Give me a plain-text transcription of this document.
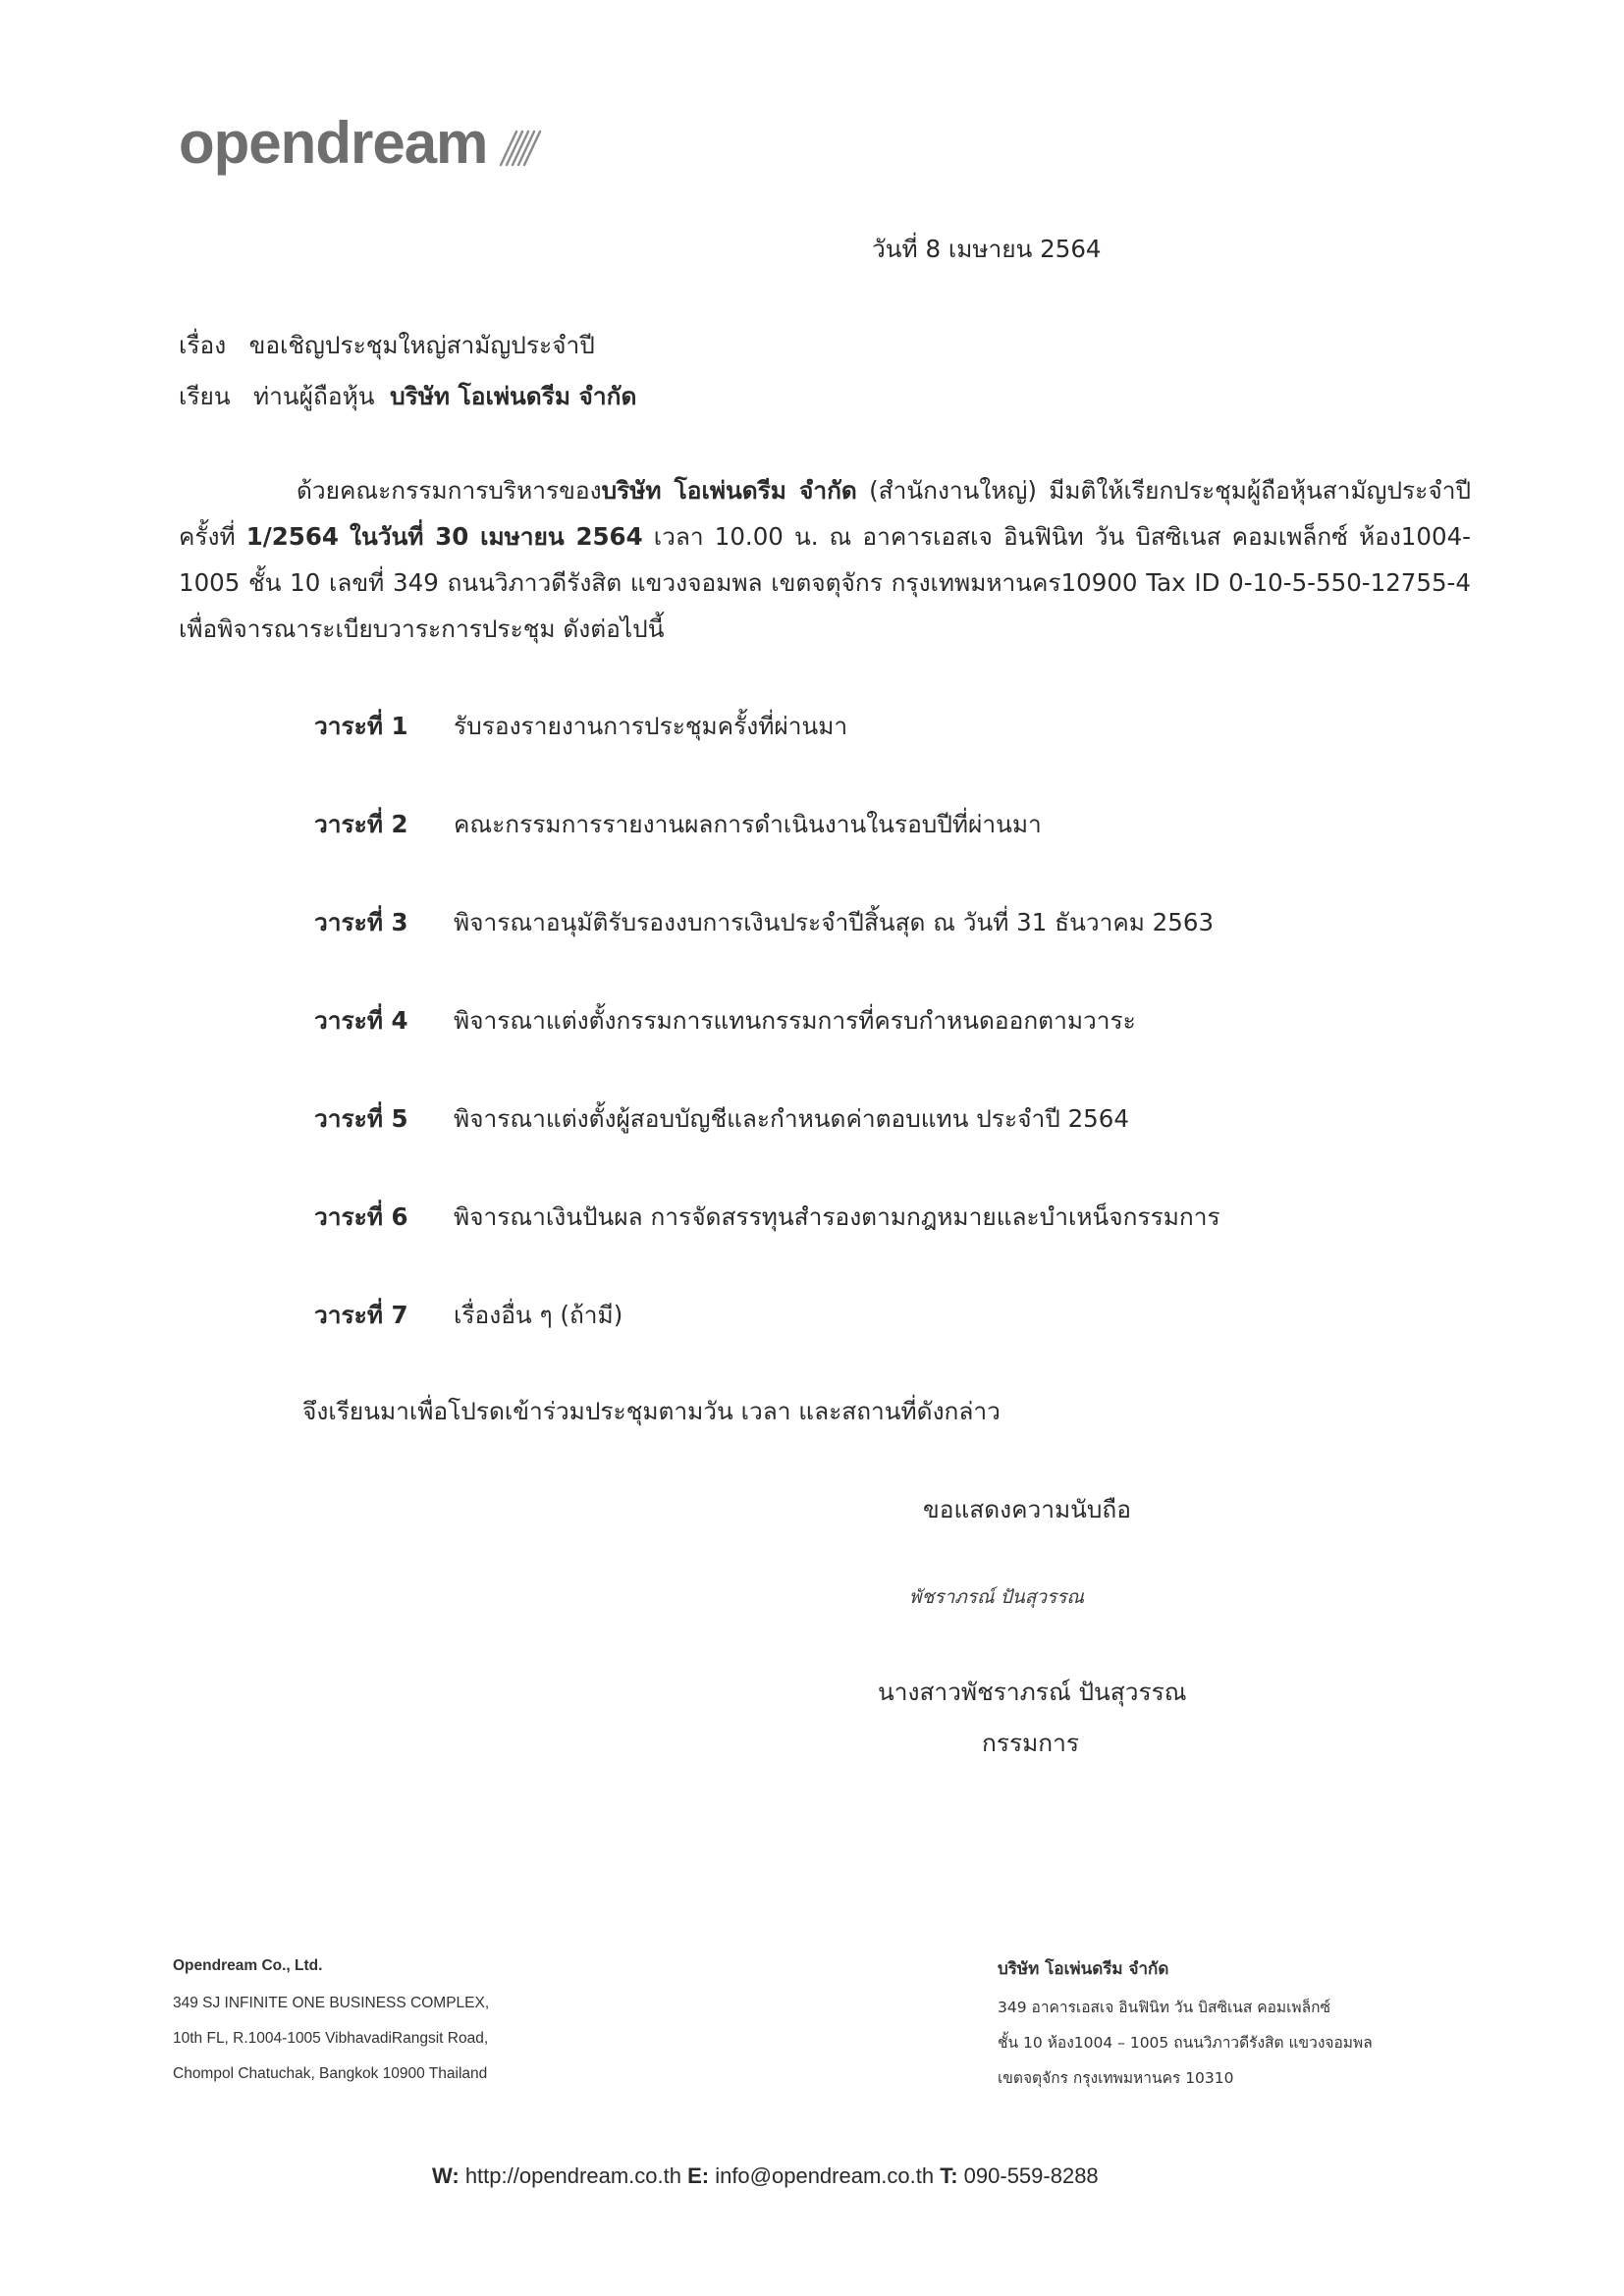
opendream
วันที่ 8 เมษายน 2564
เรื่อง ขอเชิญประชุมใหญ่สามัญประจำปี
เรียน ท่านผู้ถือหุ้น บริษัท โอเพ่นดรีม จำกัด
ด้วยคณะกรรมการบริหารของบริษัท โอเพ่นดรีม จำกัด (สำนักงานใหญ่) มีมติให้เรียกประชุมผู้ถือหุ้นสามัญประจำปี ครั้งที่ 1/2564 ในวันที่ 30 เมษายน 2564 เวลา 10.00 น. ณ อาคารเอสเจ อินฟินิท วัน บิสซิเนส คอมเพล็กซ์ ห้อง1004-1005 ชั้น 10 เลขที่ 349 ถนนวิภาวดีรังสิต แขวงจอมพล เขตจตุจักร กรุงเทพมหานคร10900 Tax ID 0-10-5-550-12755-4 เพื่อพิจารณาระเบียบวาระการประชุม ดังต่อไปนี้
วาระที่ 1	รับรองรายงานการประชุมครั้งที่ผ่านมา
วาระที่ 2	คณะกรรมการรายงานผลการดำเนินงานในรอบปีที่ผ่านมา
วาระที่ 3	พิจารณาอนุมัติรับรองงบการเงินประจำปีสิ้นสุด ณ วันที่ 31 ธันวาคม 2563
วาระที่ 4	พิจารณาแต่งตั้งกรรมการแทนกรรมการที่ครบกำหนดออกตามวาระ
วาระที่ 5	พิจารณาแต่งตั้งผู้สอบบัญชีและกำหนดค่าตอบแทน ประจำปี 2564
วาระที่ 6	พิจารณาเงินปันผล การจัดสรรทุนสำรองตามกฎหมายและบำเหน็จกรรมการ
วาระที่ 7	เรื่องอื่น ๆ (ถ้ามี)
จึงเรียนมาเพื่อโปรดเข้าร่วมประชุมตามวัน เวลา และสถานที่ดังกล่าว
ขอแสดงความนับถือ
พัชราภรณ์ ปันสุวรรณ
นางสาวพัชราภรณ์ ปันสุวรรณ
กรรมการ
Opendream Co., Ltd.
349 SJ INFINITE ONE BUSINESS COMPLEX,
10th FL, R.1004-1005 VibhavadiRangsit Road,
Chompol Chatuchak, Bangkok 10900 Thailand
บริษัท โอเพ่นดรีม จำกัด
349 อาคารเอสเจ อินฟินิท วัน บิสซิเนส คอมเพล็กซ์
ชั้น 10 ห้อง1004 – 1005 ถนนวิภาวดีรังสิต แขวงจอมพล
เขตจตุจักร กรุงเทพมหานคร 10310
W: http://opendream.co.th E: info@opendream.co.th T: 090-559-8288
